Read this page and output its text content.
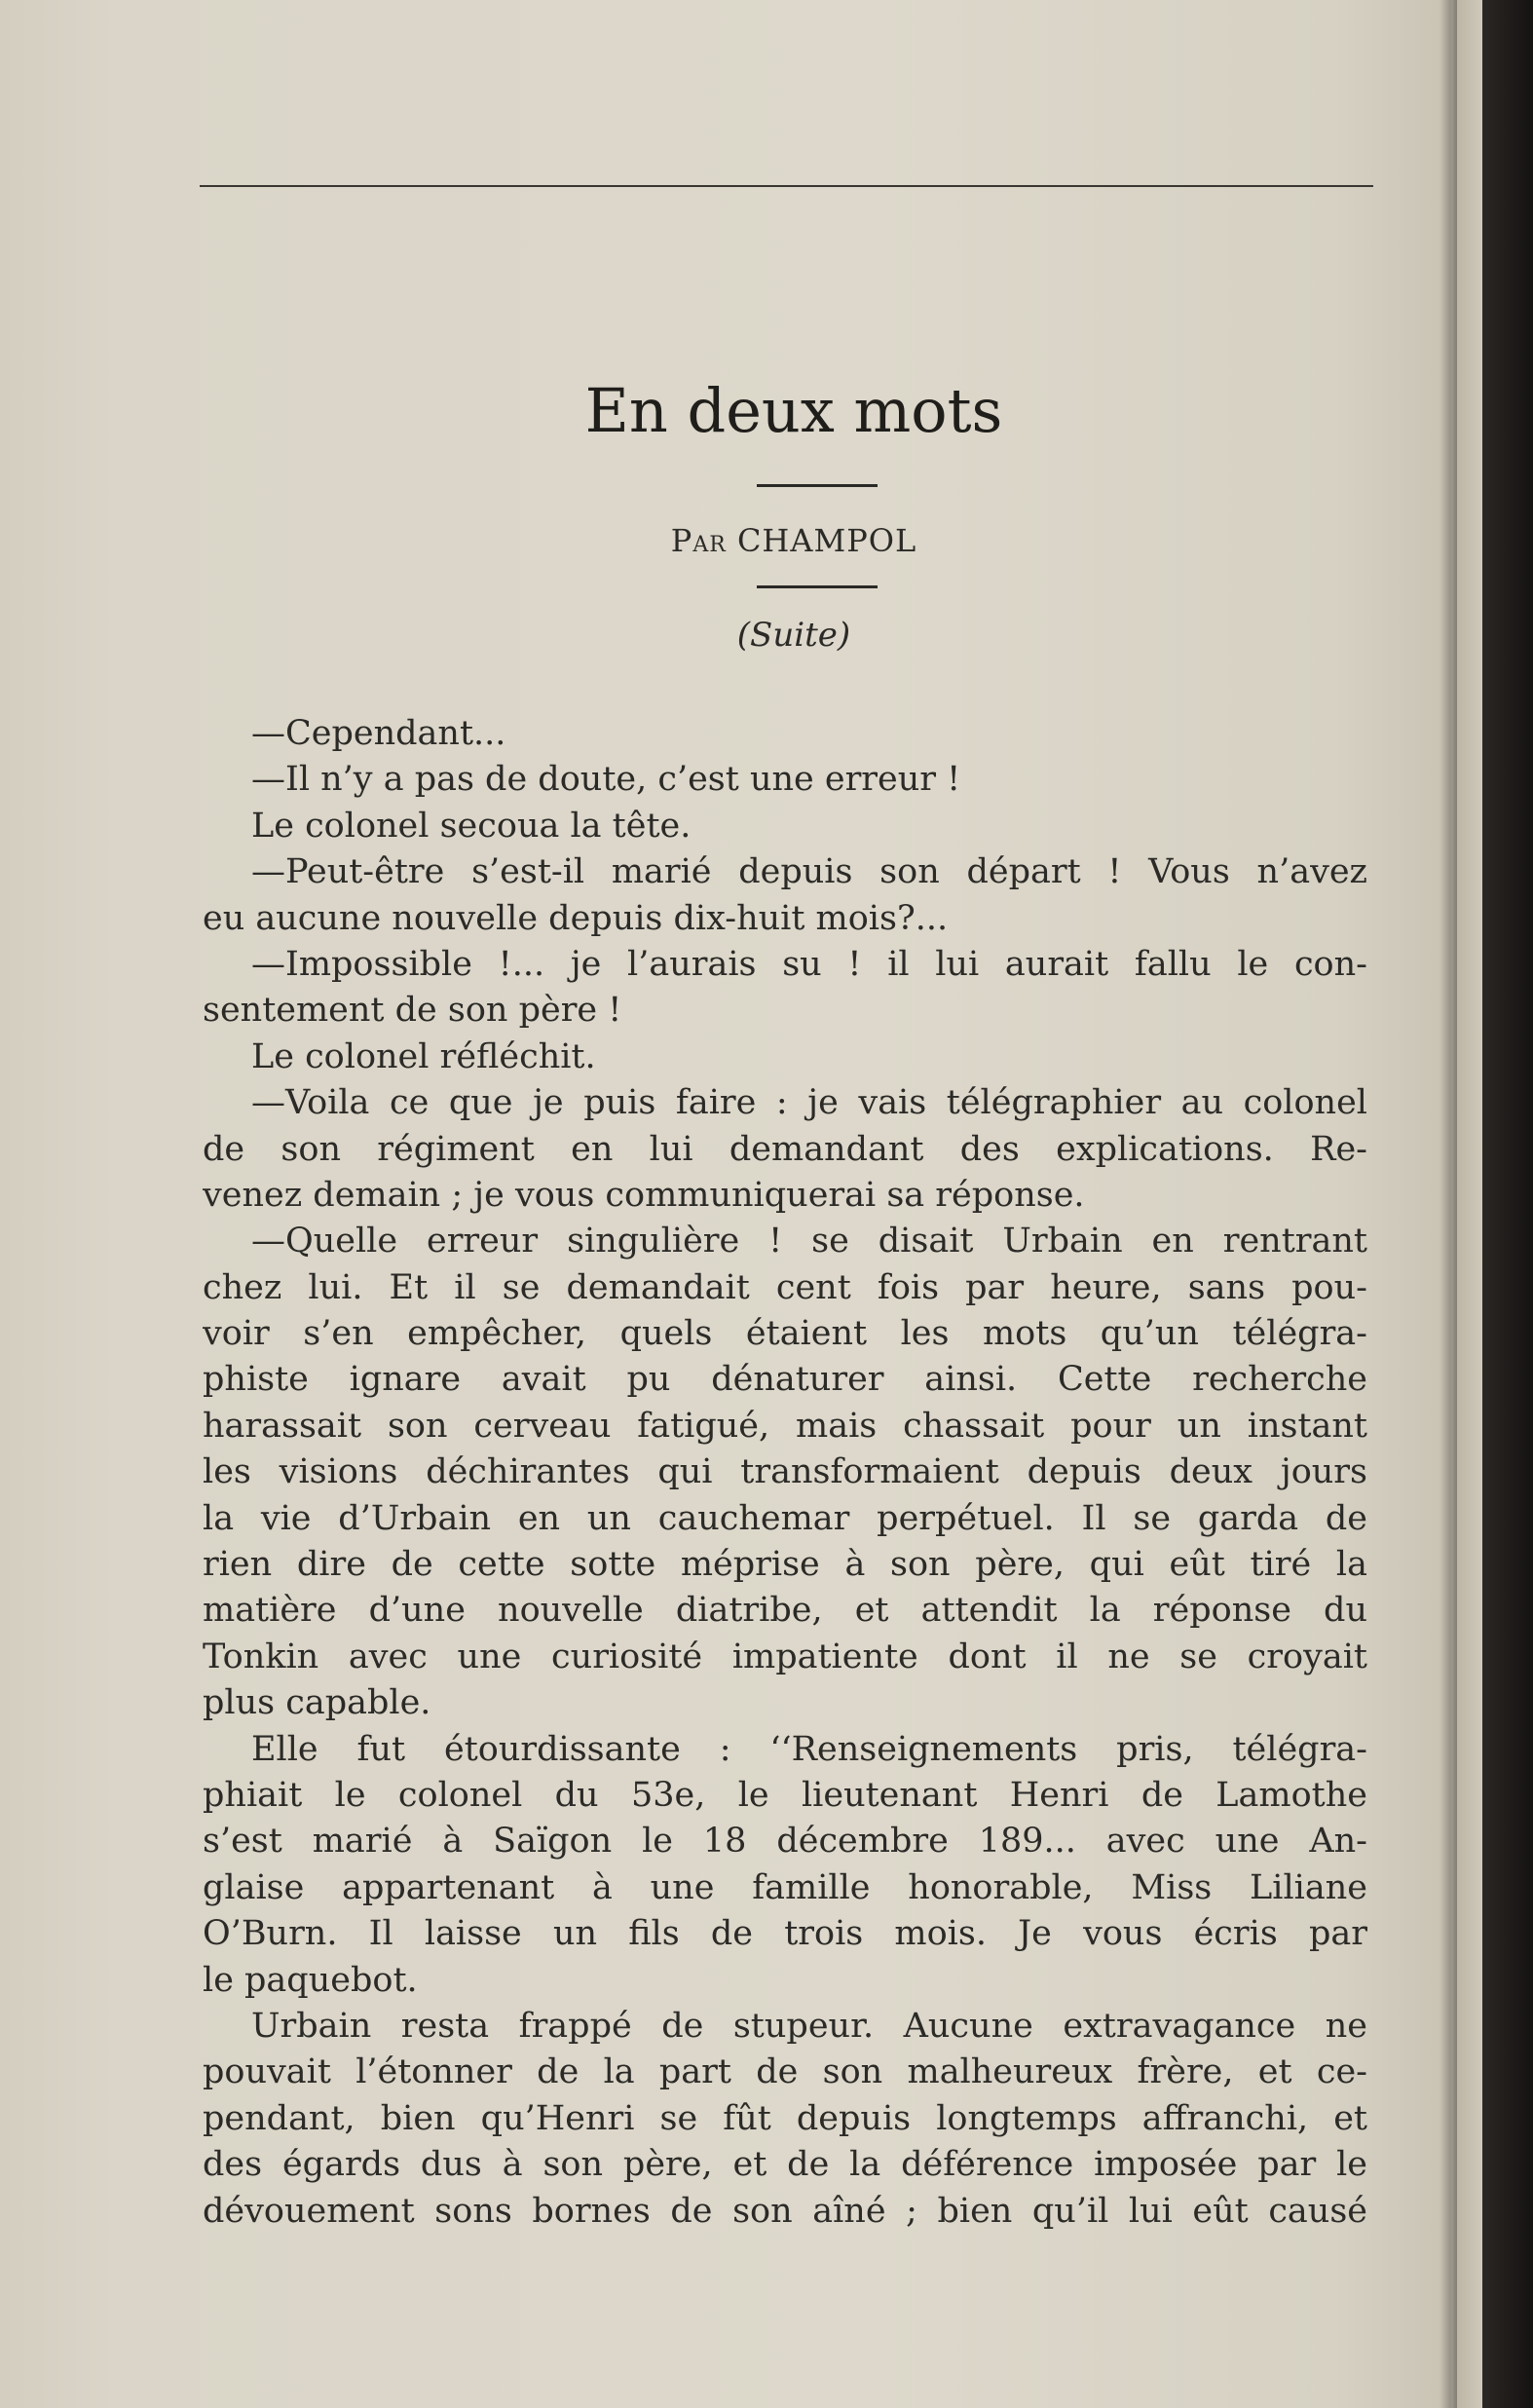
En deux mots
Par CHAMPOL
(Suite)
—Cependant...
—Il n’y a pas de doute, c’est une erreur !
Le colonel secoua la tête.
—Peut-être s’est-il marié depuis son départ ! Vous n’avez
eu aucune nouvelle depuis dix-huit mois?...
—Impossible !... je l’aurais su ! il lui aurait fallu le con-
sentement de son père !
Le colonel réfléchit.
—Voila ce que je puis faire : je vais télégraphier au colonel
de son régiment en lui demandant des explications. Re-
venez demain ; je vous communiquerai sa réponse.
—Quelle erreur singulière ! se disait Urbain en rentrant
chez lui. Et il se demandait cent fois par heure, sans pou-
voir s’en empêcher, quels étaient les mots qu’un télégra-
phiste ignare avait pu dénaturer ainsi. Cette recherche
harassait son cerveau fatigué, mais chassait pour un instant
les visions déchirantes qui transformaient depuis deux jours
la vie d’Urbain en un cauchemar perpétuel. Il se garda de
rien dire de cette sotte méprise à son père, qui eût tiré la
matière d’une nouvelle diatribe, et attendit la réponse du
Tonkin avec une curiosité impatiente dont il ne se croyait
plus capable.
Elle fut étourdissante : ‘‘Renseignements pris, télégra-
phiait le colonel du 53e, le lieutenant Henri de Lamothe
s’est marié à Saïgon le 18 décembre 189... avec une An-
glaise appartenant à une famille honorable, Miss Liliane
O’Burn. Il laisse un fils de trois mois. Je vous écris par
le paquebot.
Urbain resta frappé de stupeur. Aucune extravagance ne
pouvait l’étonner de la part de son malheureux frère, et ce-
pendant, bien qu’Henri se fût depuis longtemps affranchi, et
des égards dus à son père, et de la déférence imposée par le
dévouement sons bornes de son aîné ; bien qu’il lui eût causé
